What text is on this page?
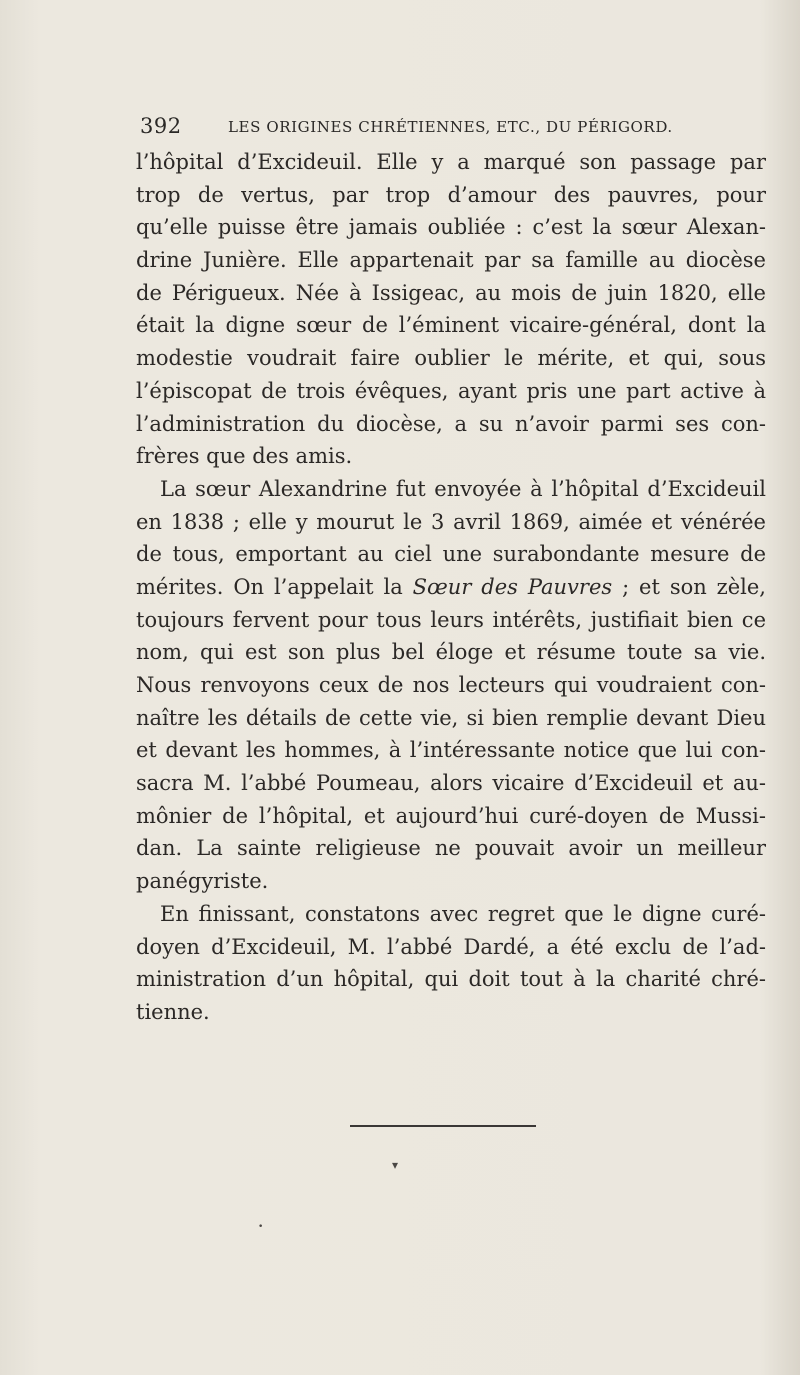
392	LES ORIGINES CHRÉTIENNES, ETC., DU PÉRIGORD.
l’hôpital d’Excideuil. Elle y a marqué son passage par
trop de vertus, par trop d’amour des pauvres, pour
qu’elle puisse être jamais oubliée : c’est la sœur Alexan-
drine Junière. Elle appartenait par sa famille au diocèse
de Périgueux. Née à Issigeac, au mois de juin 1820, elle
était la digne sœur de l’éminent vicaire-général, dont la
modestie voudrait faire oublier le mérite, et qui, sous
l’épiscopat de trois évêques, ayant pris une part active à
l’administration du diocèse, a su n’avoir parmi ses con-
frères que des amis.
La sœur Alexandrine fut envoyée à l’hôpital d’Excideuil
en 1838 ; elle y mourut le 3 avril 1869, aimée et vénérée
de tous, emportant au ciel une surabondante mesure de
mérites. On l’appelait la Sœur des Pauvres ; et son zèle,
toujours fervent pour tous leurs intérêts, justifiait bien ce
nom, qui est son plus bel éloge et résume toute sa vie.
Nous renvoyons ceux de nos lecteurs qui voudraient con-
naître les détails de cette vie, si bien remplie devant Dieu
et devant les hommes, à l’intéressante notice que lui con-
sacra M. l’abbé Poumeau, alors vicaire d’Excideuil et au-
mônier de l’hôpital, et aujourd’hui curé-doyen de Mussi-
dan. La sainte religieuse ne pouvait avoir un meilleur
panégyriste.
En finissant, constatons avec regret que le digne curé-
doyen d’Excideuil, M. l’abbé Dardé, a été exclu de l’ad-
ministration d’un hôpital, qui doit tout à la charité chré-
tienne.
▾
•
